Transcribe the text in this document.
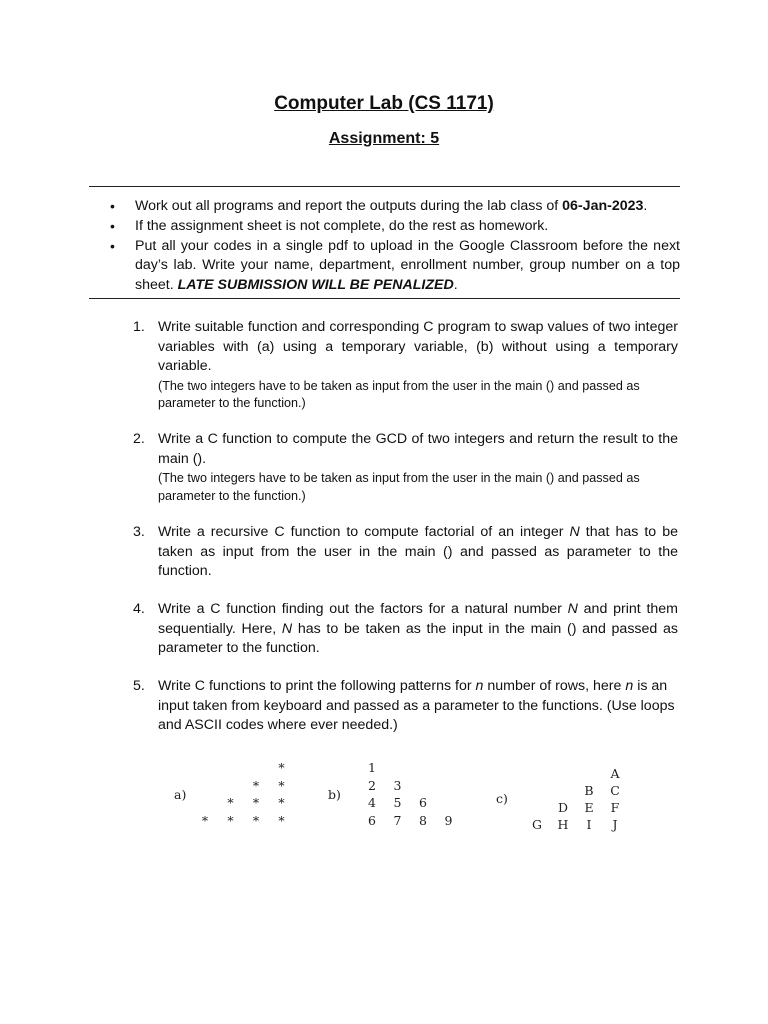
Computer Lab (CS 1171)
Assignment: 5
•	Work out all programs and report the outputs during the lab class of 06-Jan-2023.
•	If the assignment sheet is not complete, do the rest as homework.
•	Put all your codes in a single pdf to upload in the Google Classroom before the next day’s lab. Write your name, department, enrollment number, group number on a top sheet. LATE SUBMISSION WILL BE PENALIZED.
1. Write suitable function and corresponding C program to swap values of two integer variables with (a) using a temporary variable, (b) without using a temporary variable.
(The two integers have to be taken as input from the user in the main () and passed as parameter to the function.)
2. Write a C function to compute the GCD of two integers and return the result to the main ().
(The two integers have to be taken as input from the user in the main () and passed as parameter to the function.)
3. Write a recursive C function to compute factorial of an integer N that has to be taken as input from the user in the main () and passed as parameter to the function.
4. Write a C function finding out the factors for a natural number N and print them sequentially. Here, N has to be taken as the input in the main () and passed as parameter to the function.
5. Write C functions to print the following patterns for n number of rows, here n is an input taken from keyboard and passed as a parameter to the functions. (Use loops and ASCII codes where ever needed.)
a)
*
*	*
*	*	*
*	*	*	*
b)
1
2	3
4	5	6
6	7	8	9
c)
A
B	C
D	E	F
G	H	I	J
